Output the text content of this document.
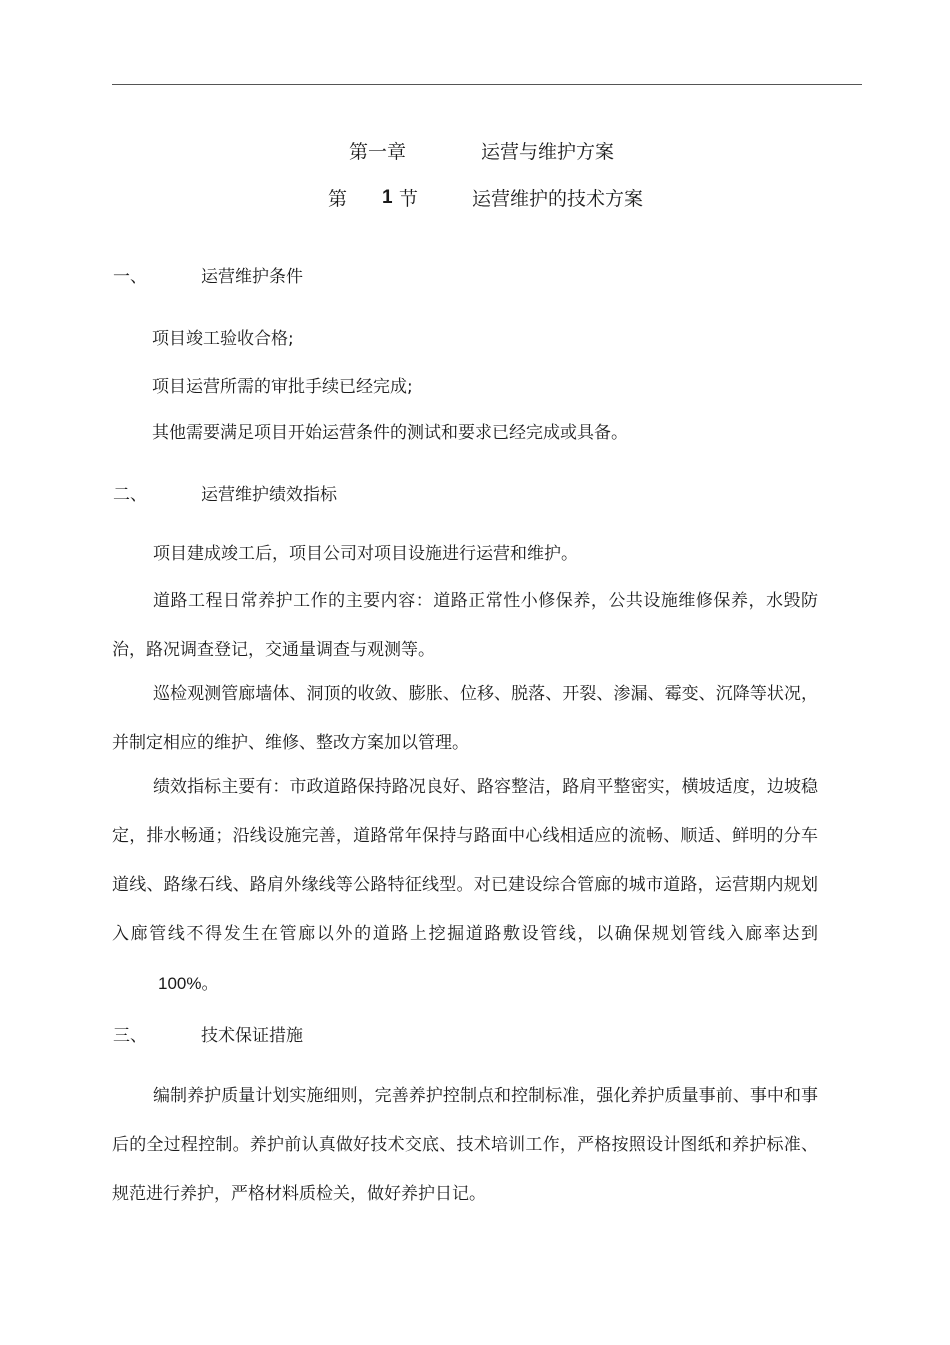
第一章	运营与维护方案
第 1 节	运营维护的技术方案
一、	运营维护条件
项目竣工验收合格;
项目运营所需的审批手续已经完成;
其他需要满足项目开始运营条件的测试和要求已经完成或具备。
二、	运营维护绩效指标

项目建成竣工后，项目公司对项目设施进行运营和维护。

道路工程日常养护工作的主要内容：道路正常性小修保养，公共设施维修保养，水毁防治，路况调查登记，交通量调查与观测等。

巡检观测管廊墙体、洞顶的收敛、膨胀、位移、脱落、开裂、渗漏、霉变、沉降等状况，并制定相应的维护、维修、整改方案加以管理。

绩效指标主要有：市政道路保持路况良好、路容整洁，路肩平整密实，横坡适度，边坡稳定，排水畅通；沿线设施完善，道路常年保持与路面中心线相适应的流畅、顺适、鲜明的分车道线、路缘石线、路肩外缘线等公路特征线型。对已建设综合管廊的城市道路，运营期内规划入廊管线不得发生在管廊以外的道路上挖掘道路敷设管线，以确保规划管线入廊率达到100%。

三、	技术保证措施

编制养护质量计划实施细则，完善养护控制点和控制标准，强化养护质量事前、事中和事后的全过程控制。养护前认真做好技术交底、技术培训工作，严格按照设计图纸和养护标准、规范进行养护，严格材料质检关，做好养护日记。
